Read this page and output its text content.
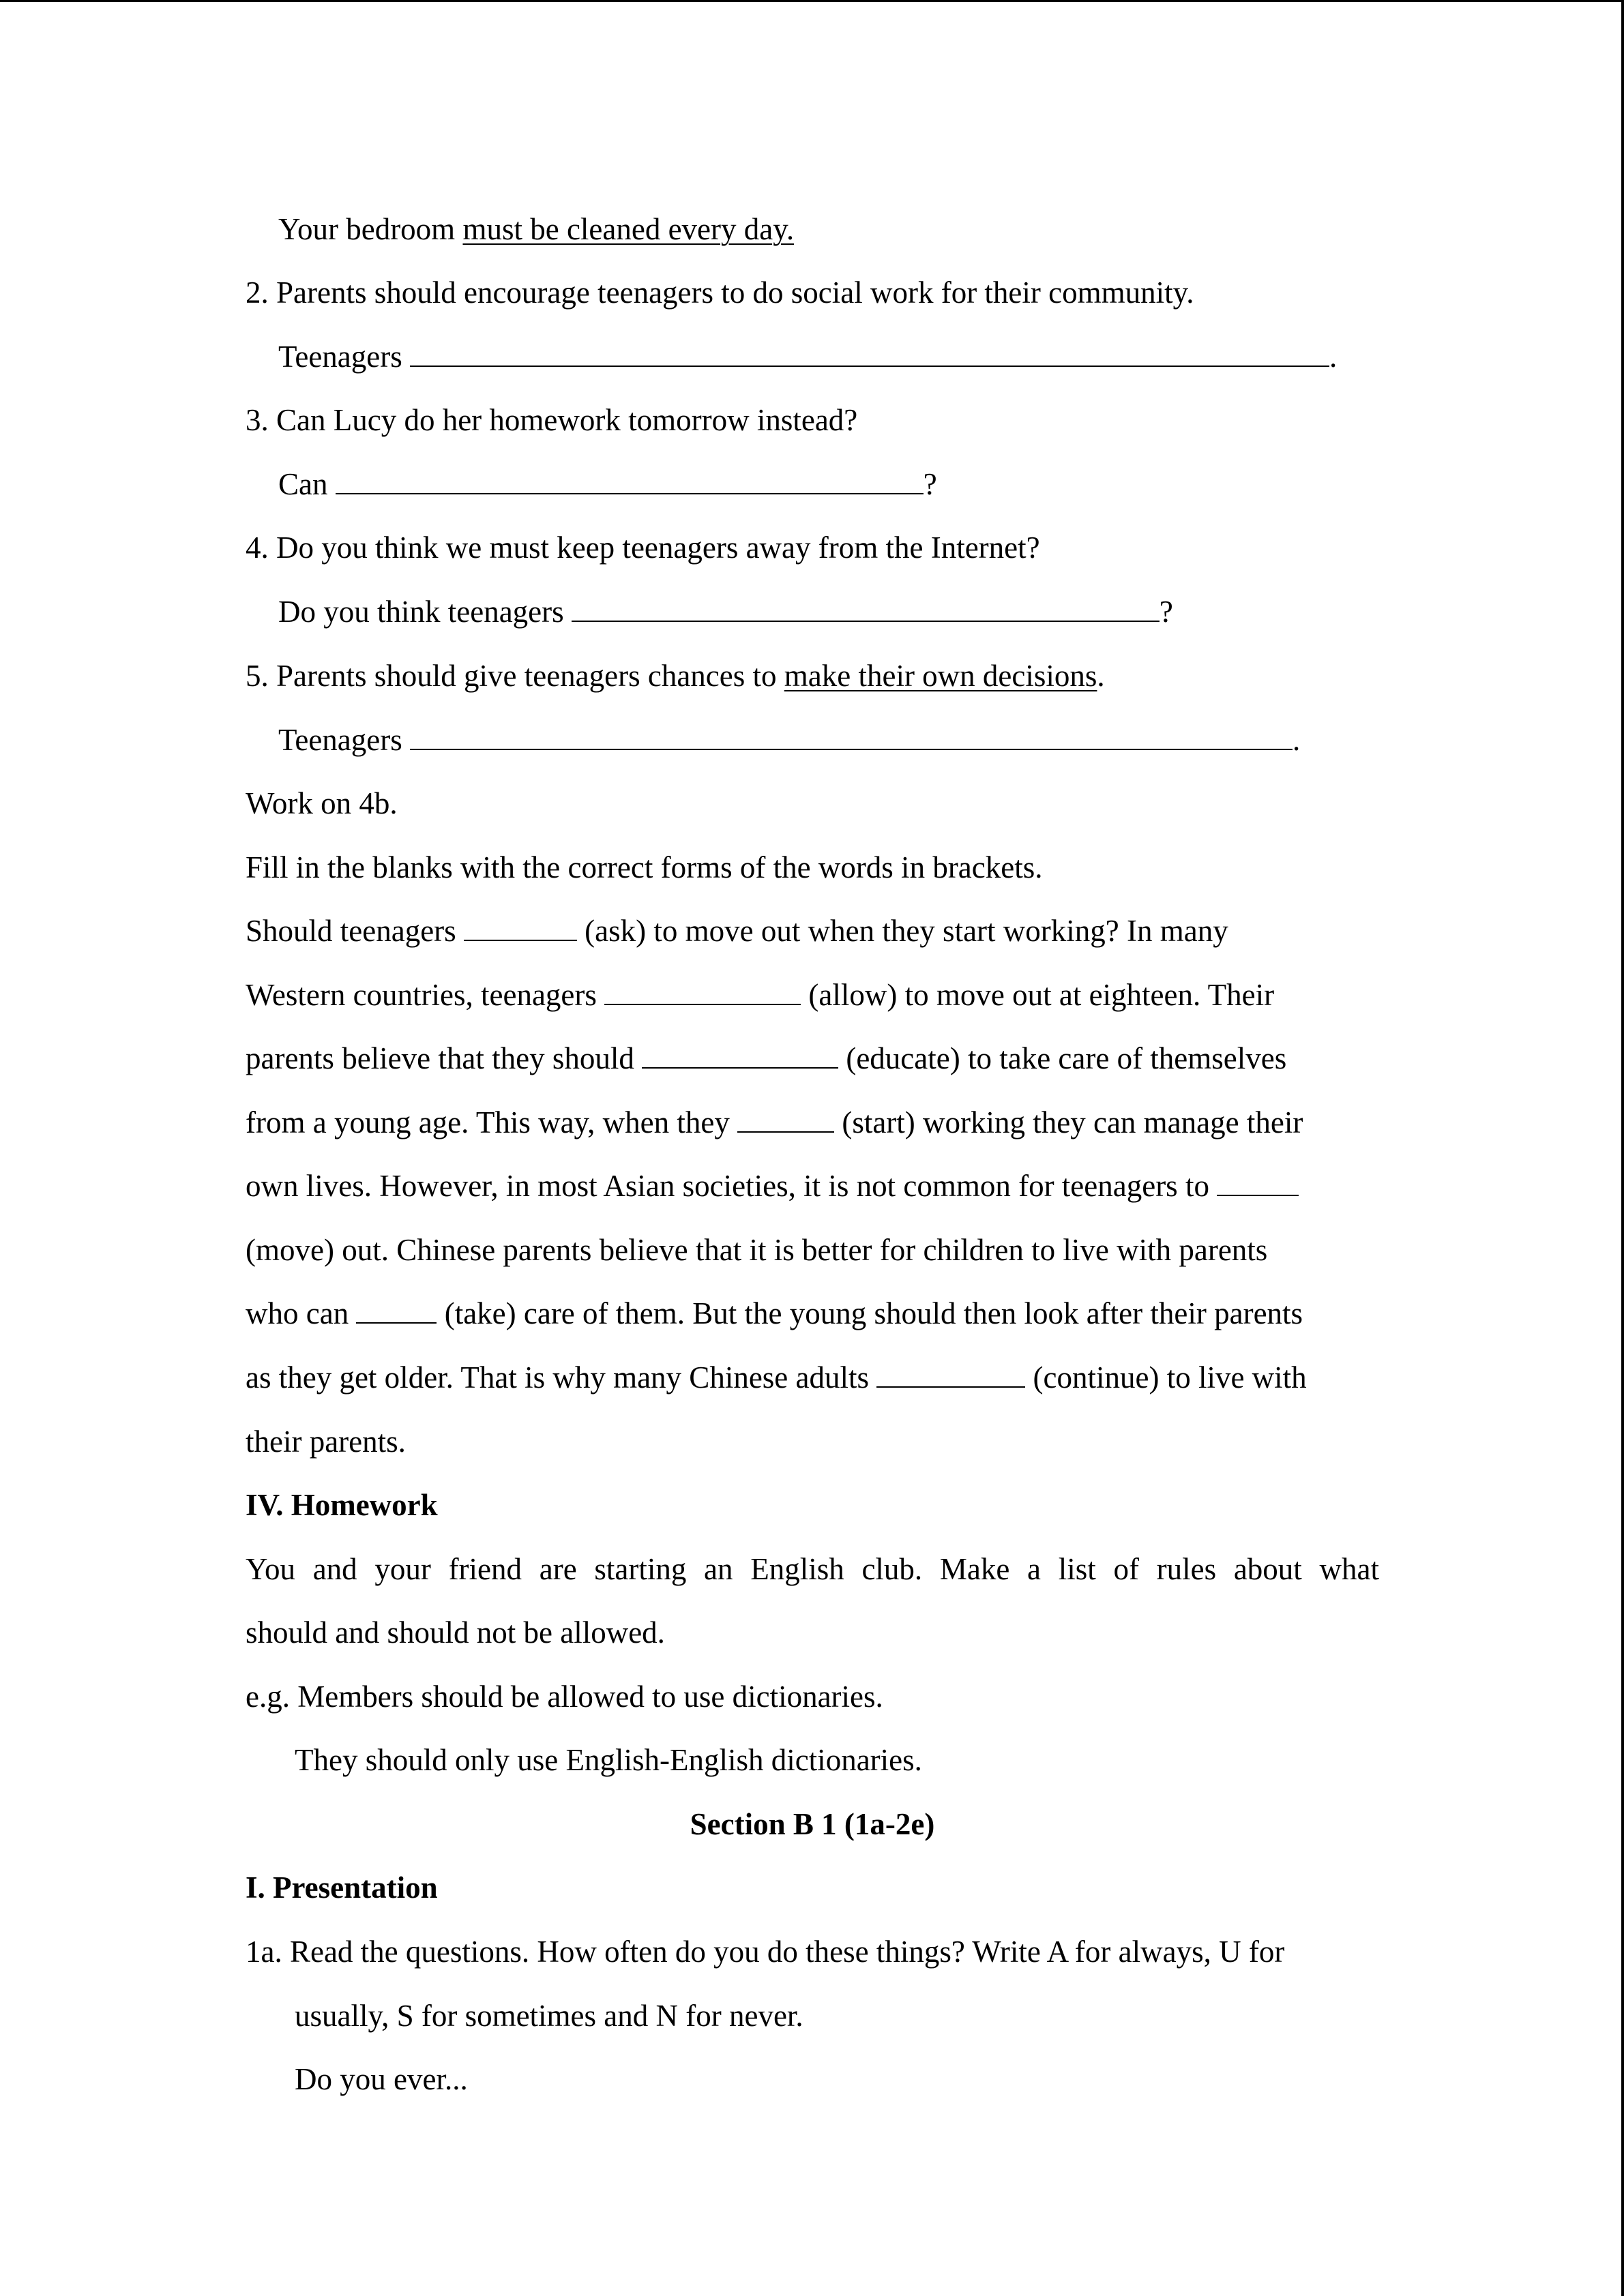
Your bedroom must be cleaned every day.
2. Parents should encourage teenagers to do social work for their community.
Teenagers	.
3. Can Lucy do her homework tomorrow instead?
Can	?
4. Do you think we must keep teenagers away from the Internet?
Do you think teenagers	?
5. Parents should give teenagers chances to make their own decisions.
Teenagers	.
Work on 4b.
Fill in the blanks with the correct forms of the words in brackets.
Should teenagers	(ask) to move out when they start working? In many
Western countries, teenagers	(allow) to move out at eighteen. Their
parents believe that they should	(educate) to take care of themselves
from a young age. This way, when they	(start) working they can manage their
own lives. However, in most Asian societies, it is not common for teenagers to
(move) out. Chinese parents believe that it is better for children to live with parents
who can	(take) care of them. But the young should then look after their parents
as they get older. That is why many Chinese adults	(continue) to live with
their parents.
IV. Homework
You and your friend are starting an English club. Make a list of rules about what
should and should not be allowed.
e.g. Members should be allowed to use dictionaries.
They should only use English-English dictionaries.
Section B 1 (1a-2e)
I. Presentation
1a. Read the questions. How often do you do these things? Write A for always, U for
usually, S for sometimes and N for never.
Do you ever...
